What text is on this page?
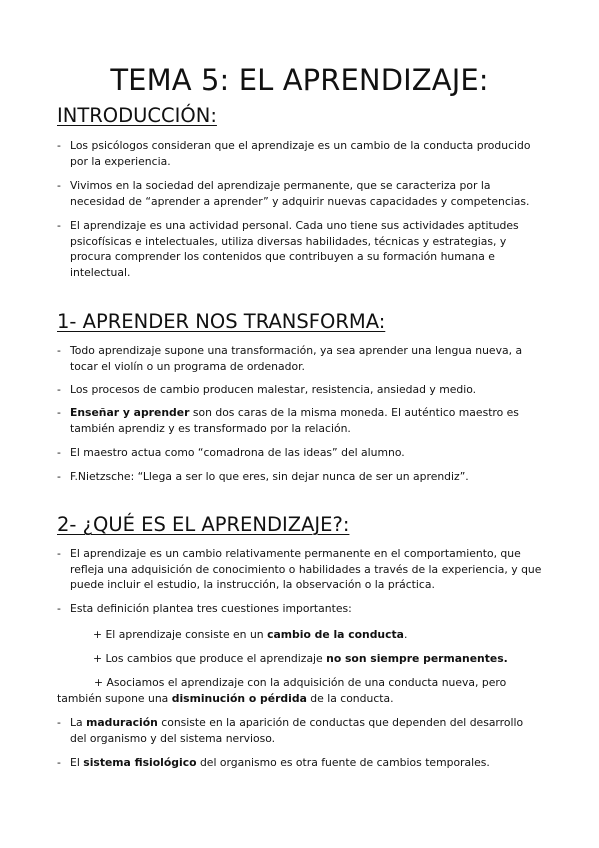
TEMA 5: EL APRENDIZAJE:
INTRODUCCIÓN:
- Los psicólogos consideran que el aprendizaje es un cambio de la conducta producido por la experiencia.
- Vivimos en la sociedad del aprendizaje permanente, que se caracteriza por la necesidad de “aprender a aprender” y adquirir nuevas capacidades y competencias.
- El aprendizaje es una actividad personal. Cada uno tiene sus actividades aptitudes psicofísicas e intelectuales, utiliza diversas habilidades, técnicas y estrategias, y procura comprender los contenidos que contribuyen a su formación humana e intelectual.
1- APRENDER NOS TRANSFORMA:
- Todo aprendizaje supone una transformación, ya sea aprender una lengua nueva, a tocar el violín o un programa de ordenador.
- Los procesos de cambio producen malestar, resistencia, ansiedad y medio.
- Enseñar y aprender son dos caras de la misma moneda. El auténtico maestro es también aprendiz y es transformado por la relación.
- El maestro actua como “comadrona de las ideas” del alumno.
- F.Nietzsche: “Llega a ser lo que eres, sin dejar nunca de ser un aprendiz”.
2- ¿QUÉ ES EL APRENDIZAJE?:
- El aprendizaje es un cambio relativamente permanente en el comportamiento, que refleja una adquisición de conocimiento o habilidades a través de la experiencia, y que puede incluir el estudio, la instrucción, la observación o la práctica.
- Esta definición plantea tres cuestiones importantes:
+ El aprendizaje consiste en un cambio de la conducta.
+ Los cambios que produce el aprendizaje no son siempre permanentes.
+ Asociamos el aprendizaje con la adquisición de una conducta nueva, pero también supone una disminución o pérdida de la conducta.
- La maduración consiste en la aparición de conductas que dependen del desarrollo del organismo y del sistema nervioso.
- El sistema fisiológico del organismo es otra fuente de cambios temporales.
